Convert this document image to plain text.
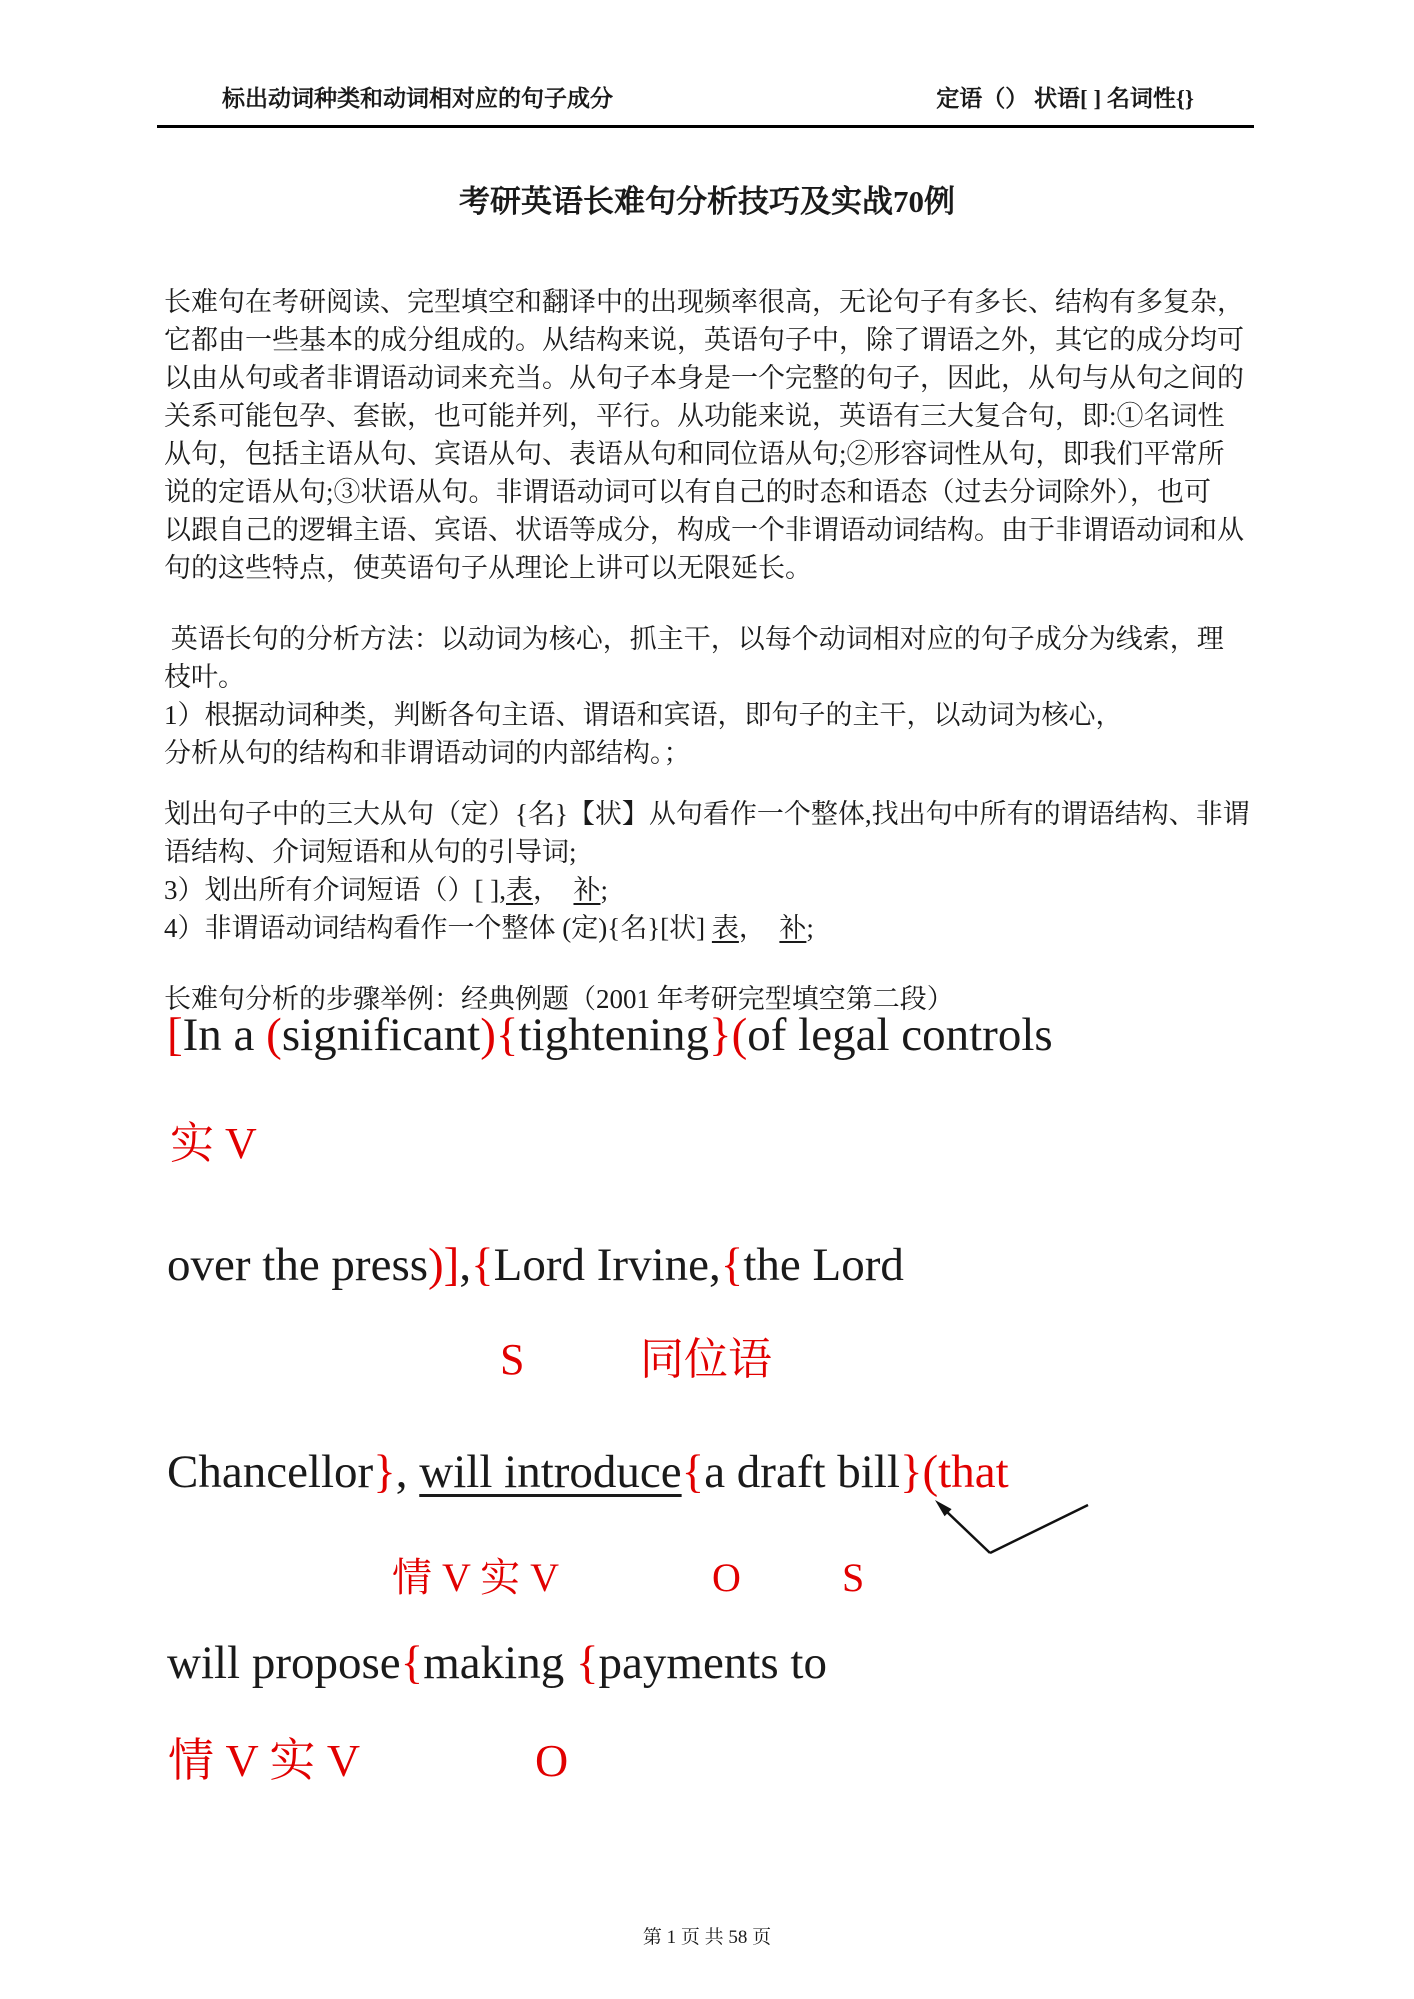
标出动词种类和动词相对应的句子成分	定语（） 状语[ ] 名词性{}
考研英语长难句分析技巧及实战70例
长难句在考研阅读、完型填空和翻译中的出现频率很高，无论句子有多长、结构有多复杂，
它都由一些基本的成分组成的。从结构来说，英语句子中，除了谓语之外，其它的成分均可
以由从句或者非谓语动词来充当。从句子本身是一个完整的句子，因此，从句与从句之间的
关系可能包孕、套嵌，也可能并列，平行。从功能来说，英语有三大复合句，即:①名词性
从句，包括主语从句、宾语从句、表语从句和同位语从句;②形容词性从句，即我们平常所
说的定语从句;③状语从句。非谓语动词可以有自己的时态和语态（过去分词除外），也可
以跟自己的逻辑主语、宾语、状语等成分，构成一个非谓语动词结构。由于非谓语动词和从
句的这些特点，使英语句子从理论上讲可以无限延长。
英语长句的分析方法：以动词为核心，抓主干，以每个动词相对应的句子成分为线索，理
枝叶。
1）根据动词种类，判断各句主语、谓语和宾语，即句子的主干，以动词为核心，
分析从句的结构和非谓语动词的内部结构。；
划出句子中的三大从句（定）{名}【状】从句看作一个整体,找出句中所有的谓语结构、非谓
语结构、介词短语和从句的引导词;
3）划出所有介词短语（）[ ],表，　补;
4）非谓语动词结构看作一个整体 (定){名}[状] 表，　补;
长难句分析的步骤举例：经典例题（2001 年考研完型填空第二段）
[In a (significant){tightening}(of legal controls
实 V
over the press)],{Lord Irvine,{the Lord
S	同位语
Chancellor}, will introduce{a draft bill}(that
情 V 实 V	O	S
will propose{making {payments to
情 V 实 V	O
第 1 页 共 58 页
